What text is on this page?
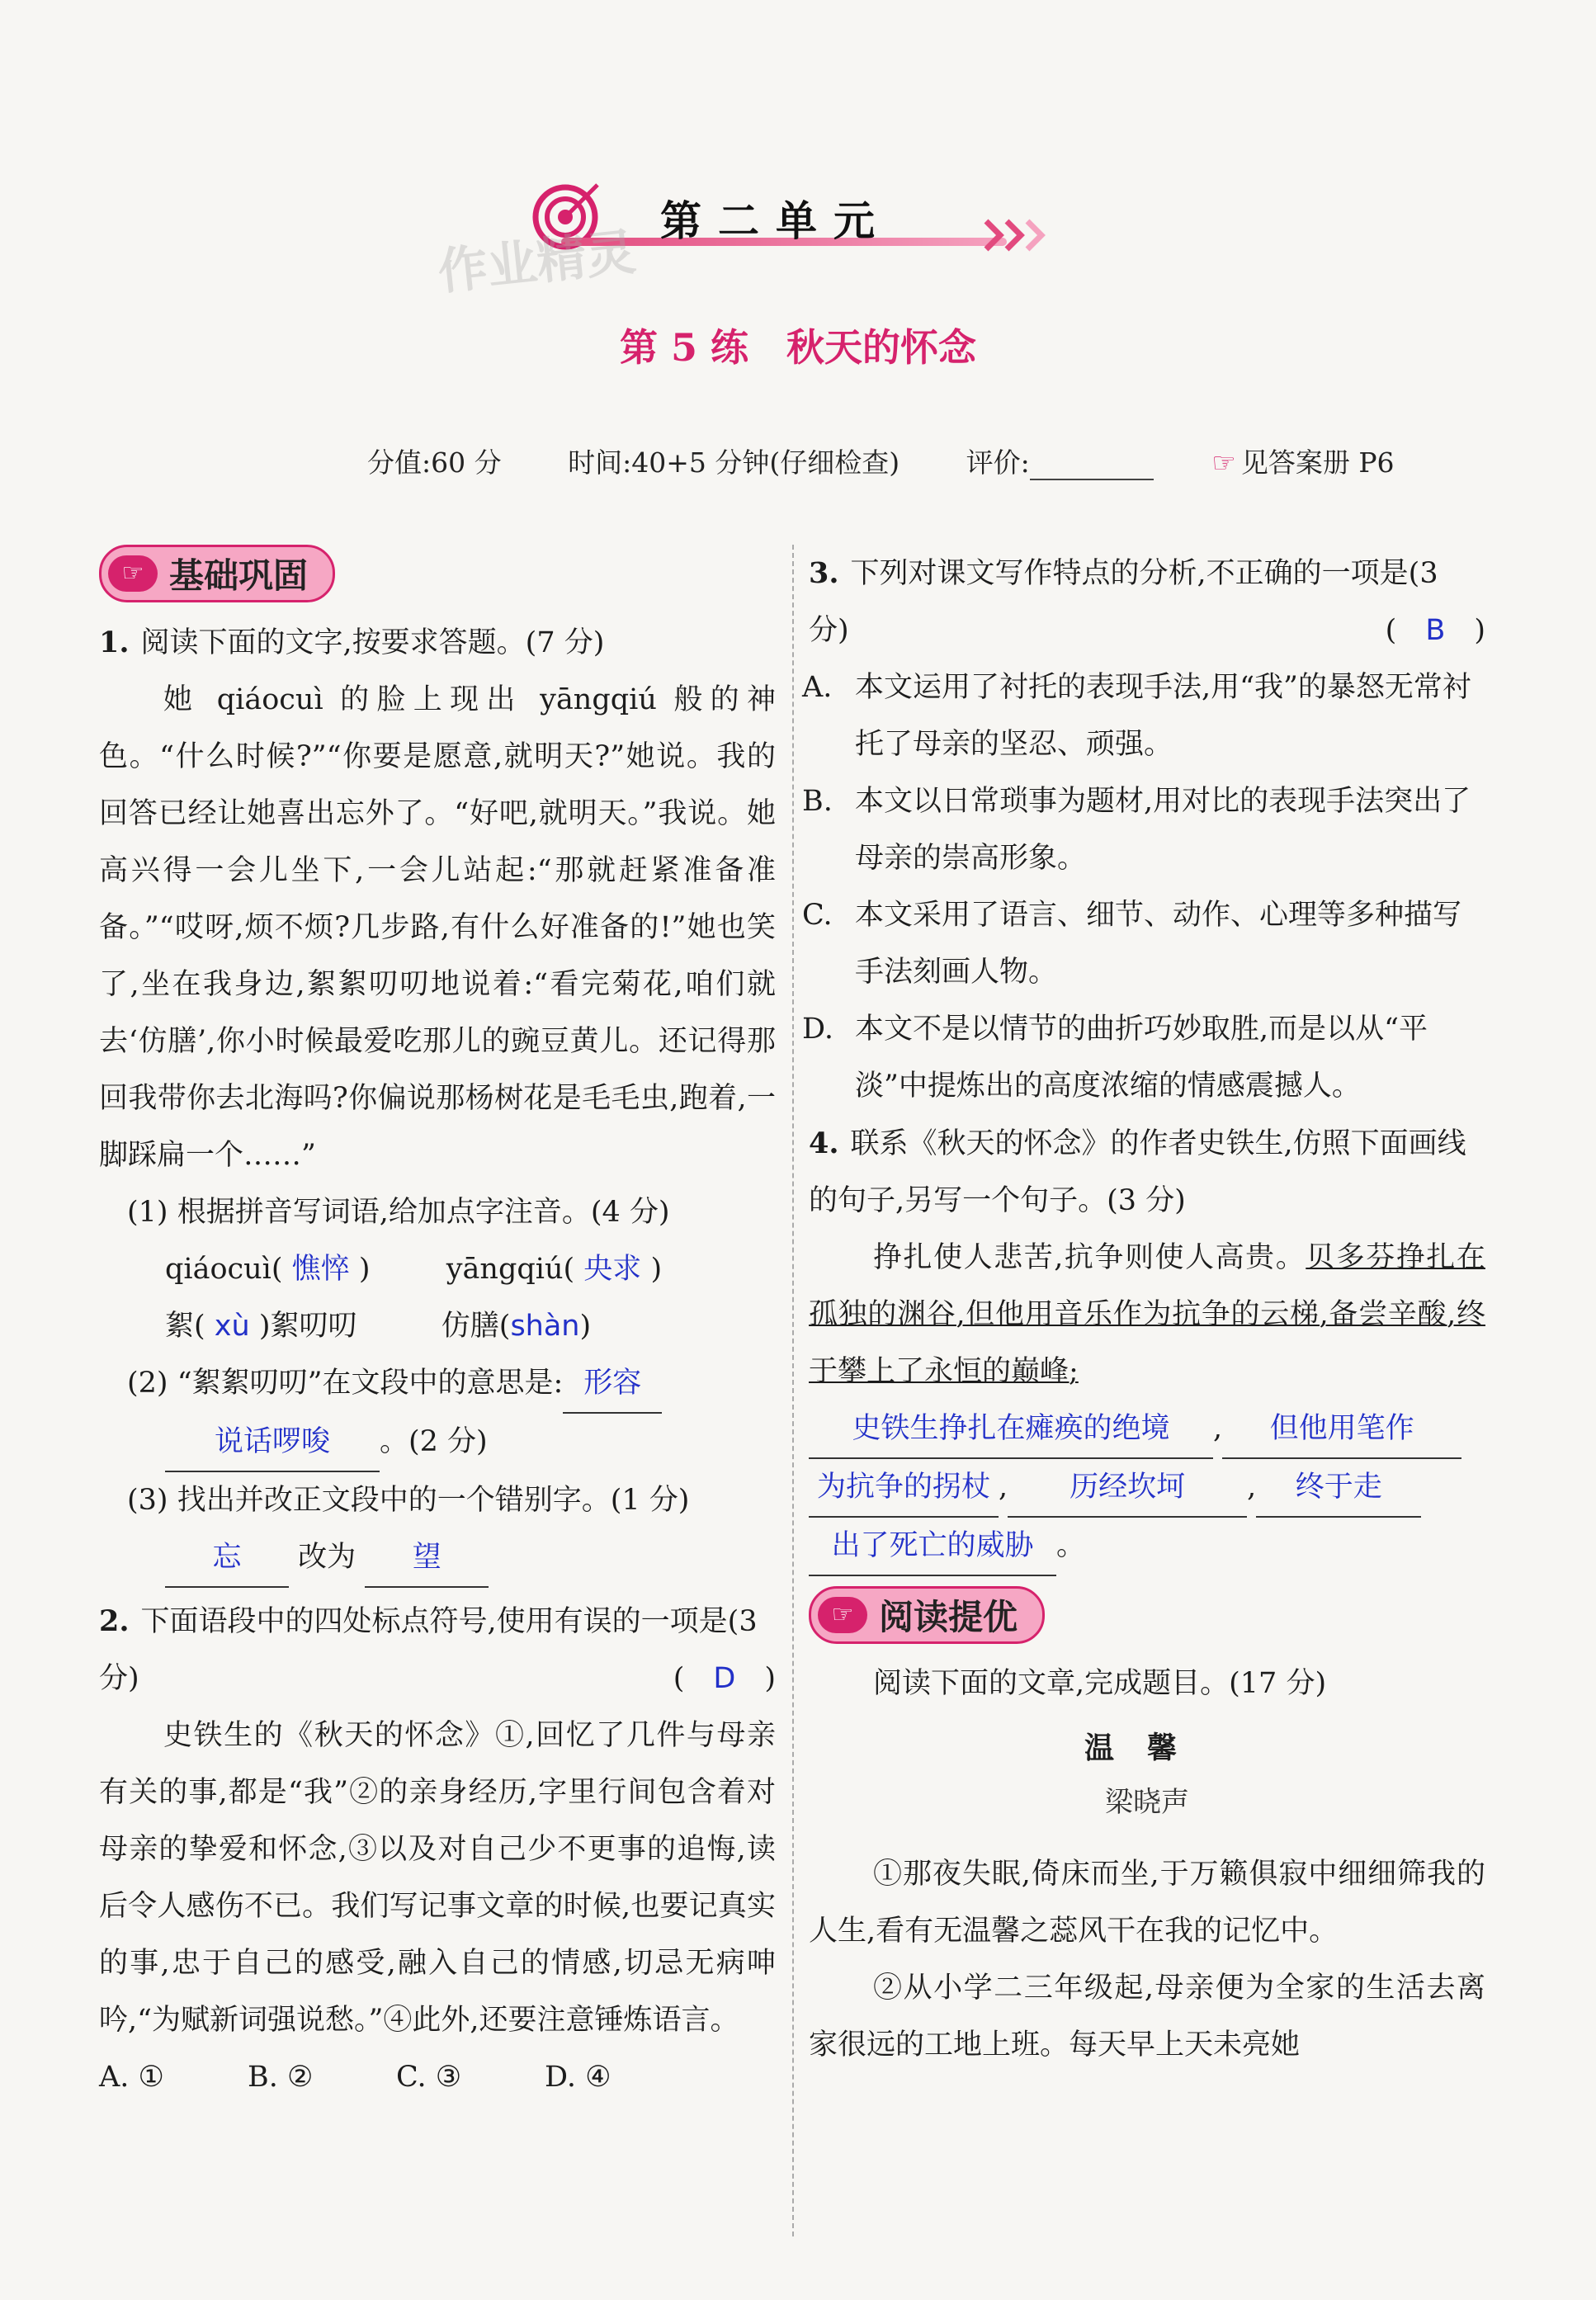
第二单元
作业精灵
第 5 练　秋天的怀念
分值:60 分 时间:40+5 分钟(仔细检查) 评价:	☞ 见答案册 P6
☞ 基础巩固
1. 阅读下面的文字,按要求答题。(7 分)
她 qiáocuì 的脸上现出 yāngqiú 般的神色。“什么时候?”“你要是愿意,就明天?”她说。我的回答已经让她喜出忘外了。“好吧,就明天。”我说。她高兴得一会儿坐下,一会儿站起:“那就赶紧准备准备。”“哎呀,烦不烦?几步路,有什么好准备的!”她也笑了,坐在我身边,絮絮叨叨地说着:“看完菊花,咱们就去‘仿膳’,你小时候最爱吃那儿的豌豆黄儿。还记得那回我带你去北海吗?你偏说那杨树花是毛毛虫,跑着,一脚踩扁一个……”
(1) 根据拼音写词语,给加点字注音。(4 分)
qiáocuì( 憔悴 )	yāngqiú( 央求 )
絮( xù )絮叨叨	仿膳(shàn)
(2) “絮絮叨叨”在文段中的意思是: 形容
说话啰唆 。(2 分)
(3) 找出并改正文段中的一个错别字。(1 分)
忘 改为 望
2. 下面语段中的四处标点符号,使用有误的一项是(3 分)	(　D　)
史铁生的《秋天的怀念》①,回忆了几件与母亲有关的事,都是“我”②的亲身经历,字里行间包含着对母亲的挚爱和怀念,③以及对自己少不更事的追悔,读后令人感伤不已。我们写记事文章的时候,也要记真实的事,忠于自己的感受,融入自己的情感,切忌无病呻吟,“为赋新词强说愁。”④此外,还要注意锤炼语言。
A. ①	B. ②	C. ③	D. ④
3. 下列对课文写作特点的分析,不正确的一项是(3 分)	(　B　)
A. 本文运用了衬托的表现手法,用“我”的暴怒无常衬托了母亲的坚忍、顽强。
B. 本文以日常琐事为题材,用对比的表现手法突出了母亲的崇高形象。
C. 本文采用了语言、细节、动作、心理等多种描写手法刻画人物。
D. 本文不是以情节的曲折巧妙取胜,而是以从“平淡”中提炼出的高度浓缩的情感震撼人。
4. 联系《秋天的怀念》的作者史铁生,仿照下面画线的句子,另写一个句子。(3 分)
挣扎使人悲苦,抗争则使人高贵。贝多芬挣扎在孤独的渊谷,但他用音乐作为抗争的云梯,备尝辛酸,终于攀上了永恒的巅峰;
史铁生挣扎在瘫痪的绝境 , 但他用笔作
为抗争的拐杖 , 历经坎坷 , 终于走
出了死亡的威胁 。
☞ 阅读提优
阅读下面的文章,完成题目。(17 分)
温馨
梁晓声
①那夜失眠,倚床而坐,于万籁俱寂中细细筛我的人生,看有无温馨之蕊风干在我的记忆中。
②从小学二三年级起,母亲便为全家的生活去离家很远的工地上班。每天早上天未亮她
